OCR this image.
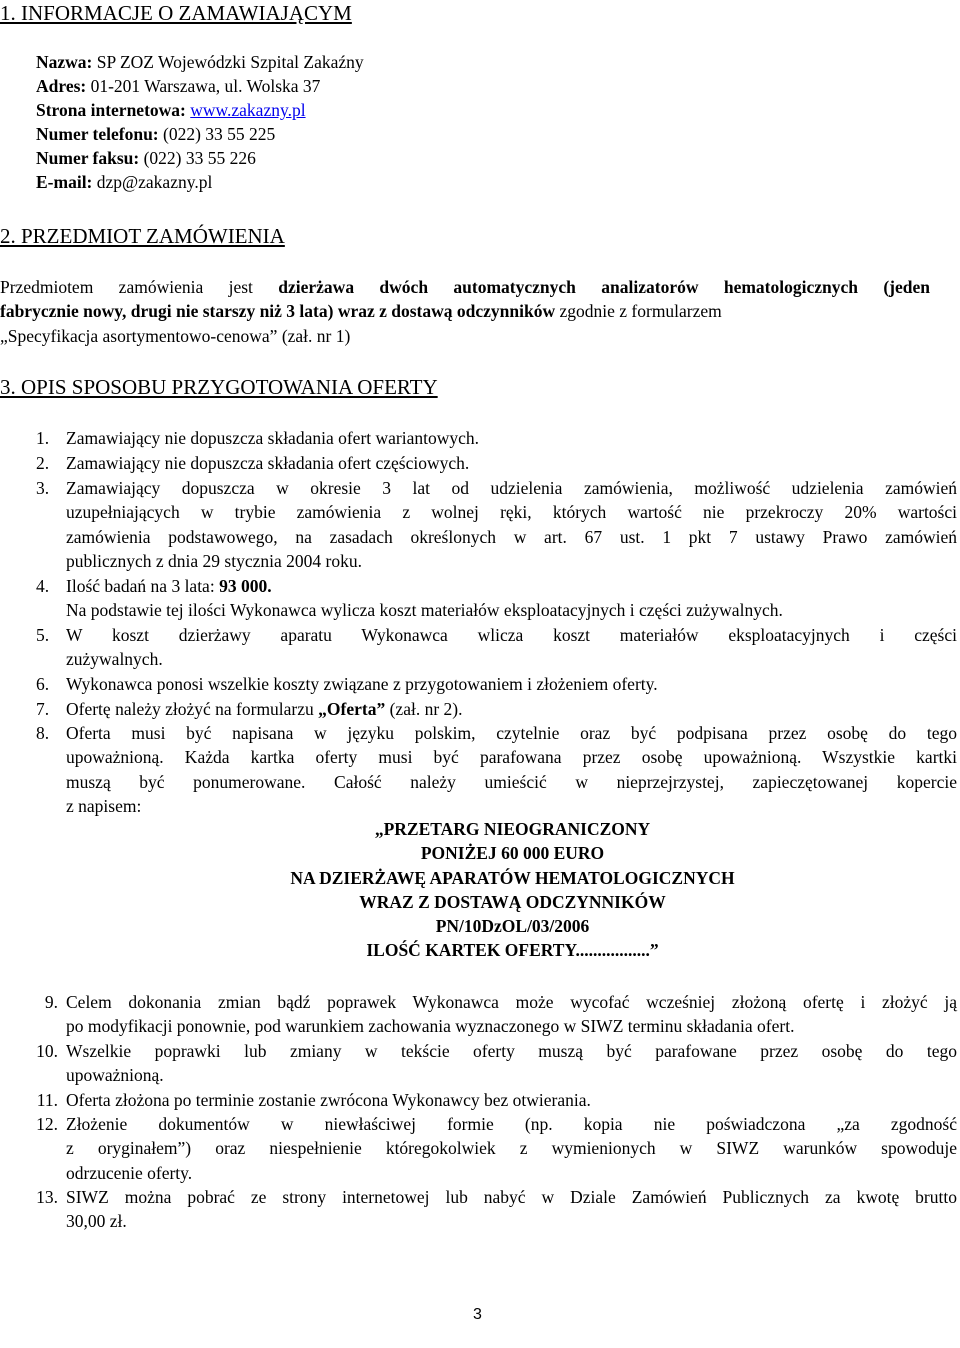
1. INFORMACJE O ZAMAWIAJĄCYM
Nazwa: SP ZOZ Wojewódzki Szpital Zakaźny
Adres: 01-201 Warszawa, ul. Wolska 37
Strona internetowa: www.zakazny.pl
Numer telefonu: (022) 33 55 225
Numer faksu: (022) 33 55 226
E-mail: dzp@zakazny.pl
2. PRZEDMIOT ZAMÓWIENIA
Przedmiotem zamówienia jest dzierżawa dwóch automatycznych analizatorów hematologicznych (jeden
fabrycznie nowy, drugi nie starszy niż 3 lata) wraz z dostawą odczynników zgodnie z formularzem
„Specyfikacja asortymentowo-cenowa” (zał. nr 1)
3. OPIS SPOSOBU PRZYGOTOWANIA OFERTY
1. Zamawiający nie dopuszcza składania ofert wariantowych.
2. Zamawiający nie dopuszcza składania ofert częściowych.
3. Zamawiający dopuszcza w okresie 3 lat od udzielenia zamówienia, możliwość udzielenia zamówień
uzupełniających w trybie zamówienia z wolnej ręki, których wartość nie przekroczy 20% wartości
zamówienia podstawowego, na zasadach określonych w art. 67 ust. 1 pkt 7 ustawy Prawo zamówień
publicznych z dnia 29 stycznia 2004 roku.
4. Ilość badań na 3 lata: 93 000.
Na podstawie tej ilości Wykonawca wylicza koszt materiałów eksploatacyjnych i części zużywalnych.
5. W koszt dzierżawy aparatu Wykonawca wlicza koszt materiałów eksploatacyjnych i części
zużywalnych.
6. Wykonawca ponosi wszelkie koszty związane z przygotowaniem i złożeniem oferty.
7. Ofertę należy złożyć na formularzu „Oferta” (zał. nr 2).
8. Oferta musi być napisana w języku polskim, czytelnie oraz być podpisana przez osobę do tego
upoważnioną. Każda kartka oferty musi być parafowana przez osobę upoważnioną. Wszystkie kartki
muszą być ponumerowane. Całość należy umieścić w nieprzejrzystej, zapieczętowanej kopercie
z napisem:
„PRZETARG NIEOGRANICZONY
PONIŻEJ 60 000 EURO
NA DZIERŻAWĘ APARATÓW HEMATOLOGICZNYCH
WRAZ Z DOSTAWĄ ODCZYNNIKÓW
PN/10DzOL/03/2006
ILOŚĆ KARTEK OFERTY.................”
9. Celem dokonania zmian bądź poprawek Wykonawca może wycofać wcześniej złożoną ofertę i złożyć ją
po modyfikacji ponownie, pod warunkiem zachowania wyznaczonego w SIWZ terminu składania ofert.
10. Wszelkie poprawki lub zmiany w tekście oferty muszą być parafowane przez osobę do tego
upoważnioną.
11. Oferta złożona po terminie zostanie zwrócona Wykonawcy bez otwierania.
12. Złożenie dokumentów w niewłaściwej formie (np. kopia nie poświadczona „za zgodność
z oryginałem”) oraz niespełnienie któregokolwiek z wymienionych w SIWZ warunków spowoduje
odrzucenie oferty.
13. SIWZ można pobrać ze strony internetowej lub nabyć w Dziale Zamówień Publicznych za kwotę brutto
30,00 zł.
3
